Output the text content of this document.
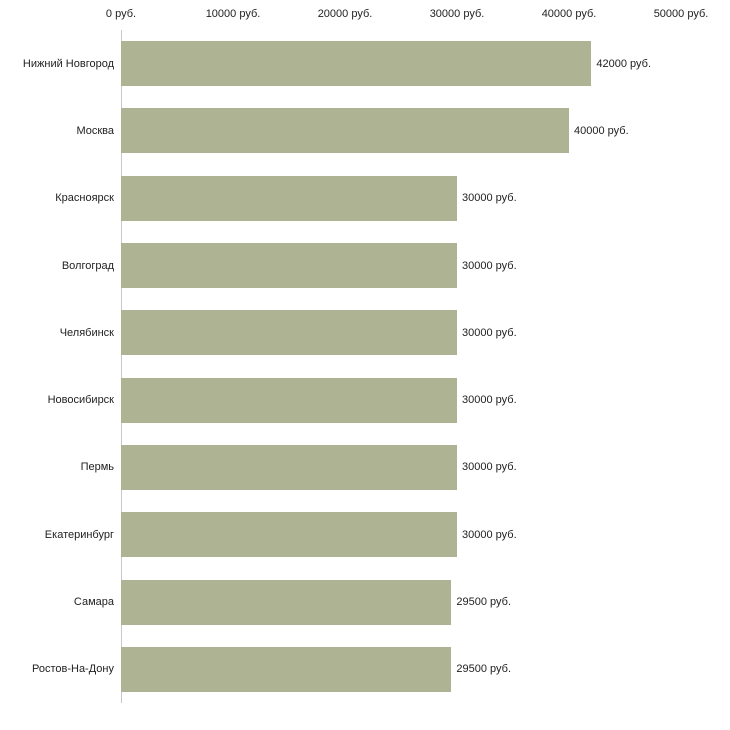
0 руб.	10000 руб.	20000 руб.	30000 руб.	40000 руб.	50000 руб.
Нижний Новгород
Москва
Красноярск
Волгоград
Челябинск
Новосибирск
Пермь
Екатеринбург
Самара
Ростов-На-Дону
42000 руб.
40000 руб.
30000 руб.
30000 руб.
30000 руб.
30000 руб.
30000 руб.
30000 руб.
29500 руб.
29500 руб.
